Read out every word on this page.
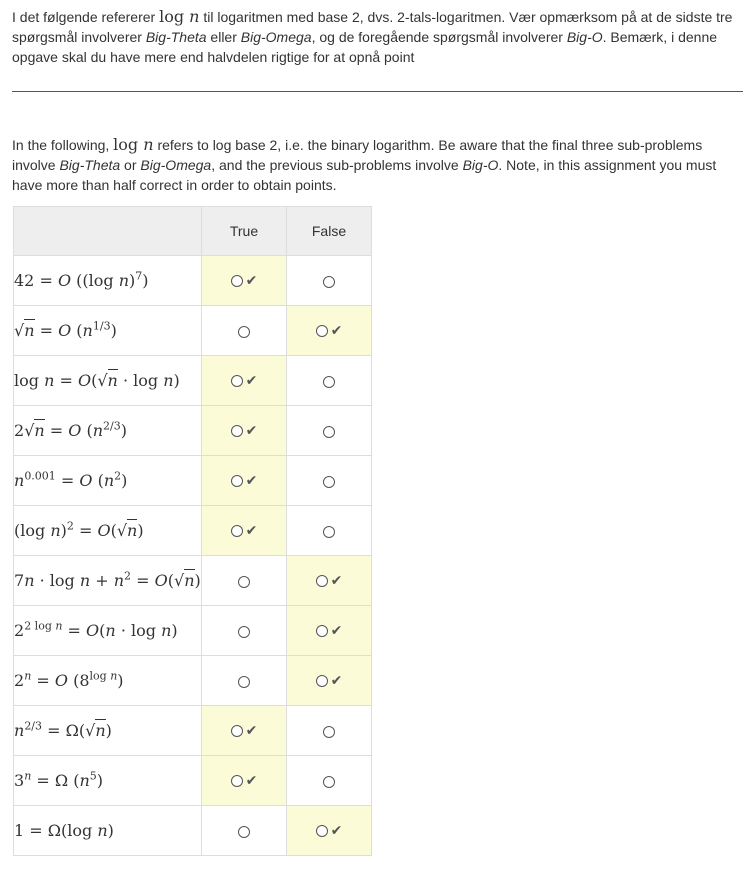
I det følgende refererer log n til logaritmen med base 2, dvs. 2-tals-logaritmen. Vær opmærksom på at de sidste tre spørgsmål involverer Big-Theta eller Big-Omega, og de foregående spørgsmål involverer Big-O. Bemærk, i denne opgave skal du have mere end halvdelen rigtige for at opnå point

In the following, log n refers to log base 2, i.e. the binary logarithm. Be aware that the final three sub-problems involve Big-Theta or Big-Omega, and the previous sub-problems involve Big-O. Note, in this assignment you must have more than half correct in order to obtain points.

	True	False
42 = O ((log n)$^7$)	✔	
√n = O $(n^{1/3})$		✔
log n = O(√n · log n)	✔	
2√n = O $(n^{2/3})$	✔	
$n^{0.001} = O$ $(n^2)$	✔	
(log n)$^2$ = O(√n)	✔	
$7n \cdot \log n + n^2 = O(√n)$		✔
$2^{2 log n} = O(n \cdot \log n)$		✔
$2^n = O$ $(8^{log n})$		✔
$n^{2/3} = \Omega(√n)$	✔	
$3^n = \Omega$ $(n^5)$	✔	
1 = Ω(log n)		✔
